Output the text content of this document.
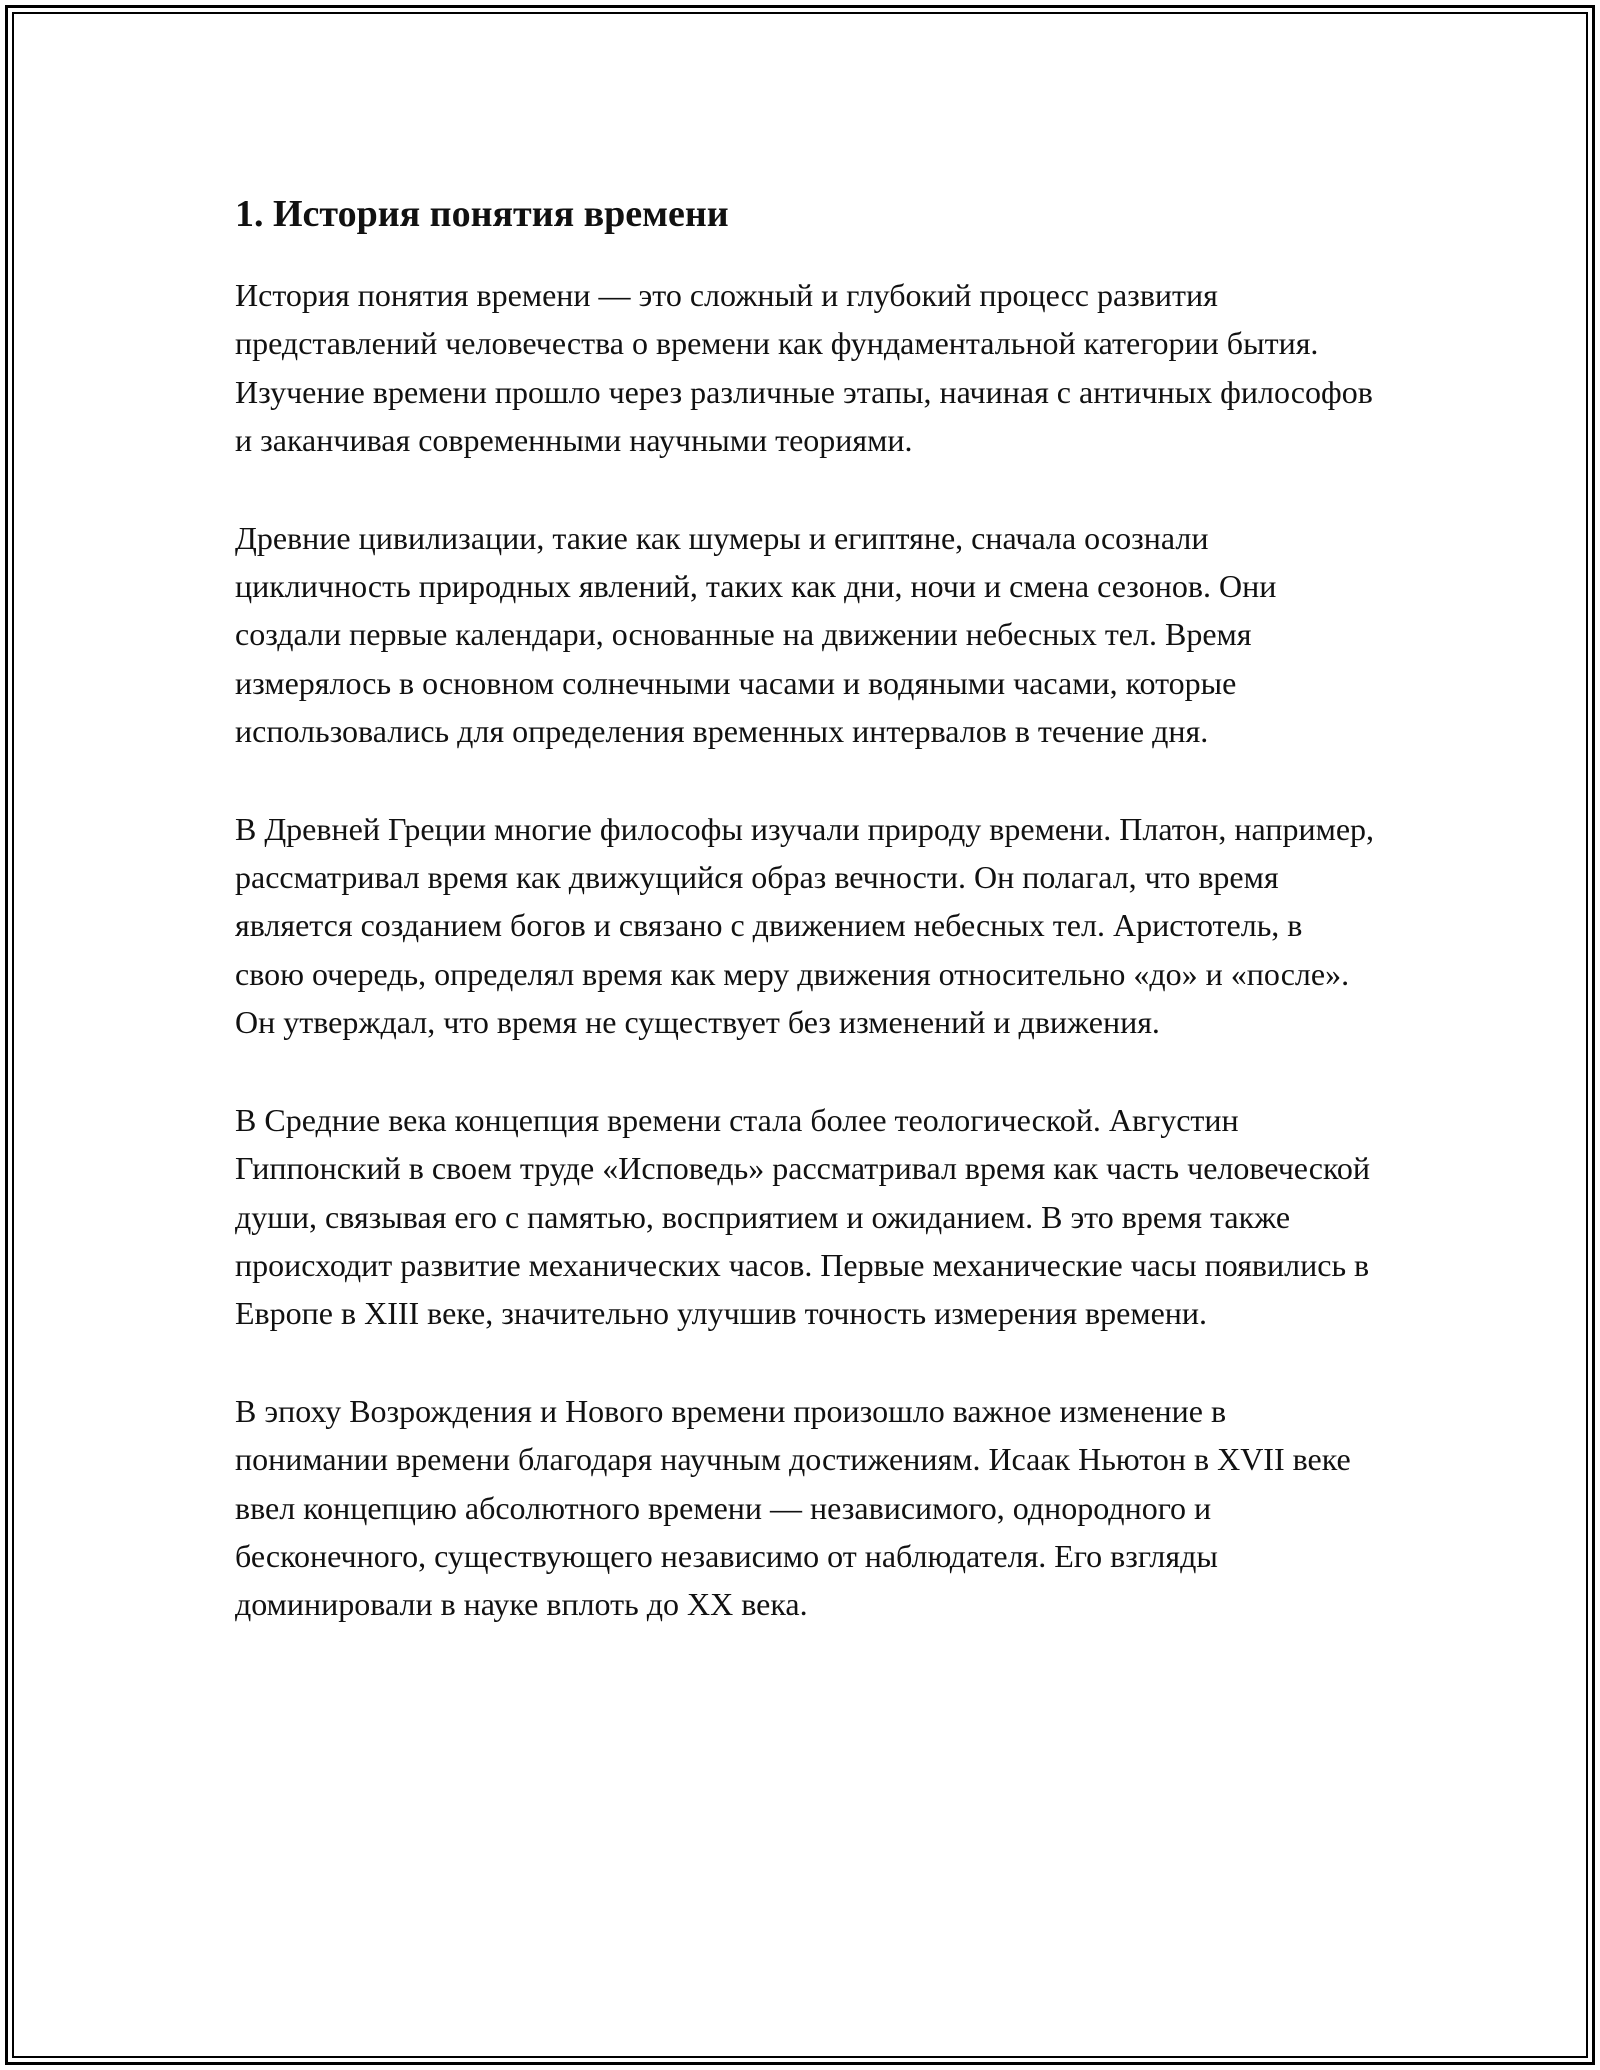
1. История понятия времени

История понятия времени — это сложный и глубокий процесс развития представлений человечества о времени как фундаментальной категории бытия. Изучение времени прошло через различные этапы, начиная с античных философов и заканчивая современными научными теориями.

Древние цивилизации, такие как шумеры и египтяне, сначала осознали цикличность природных явлений, таких как дни, ночи и смена сезонов. Они создали первые календари, основанные на движении небесных тел. Время измерялось в основном солнечными часами и водяными часами, которые использовались для определения временных интервалов в течение дня.

В Древней Греции многие философы изучали природу времени. Платон, например, рассматривал время как движущийся образ вечности. Он полагал, что время является созданием богов и связано с движением небесных тел. Аристотель, в свою очередь, определял время как меру движения относительно «до» и «после». Он утверждал, что время не существует без изменений и движения.

В Средние века концепция времени стала более теологической. Августин Гиппонский в своем труде «Исповедь» рассматривал время как часть человеческой души, связывая его с памятью, восприятием и ожиданием. В это время также происходит развитие механических часов. Первые механические часы появились в Европе в XIII веке, значительно улучшив точность измерения времени.

В эпоху Возрождения и Нового времени произошло важное изменение в понимании времени благодаря научным достижениям. Исаак Ньютон в XVII веке ввел концепцию абсолютного времени — независимого, однородного и бесконечного, существующего независимо от наблюдателя. Его взгляды доминировали в науке вплоть до XX века.
